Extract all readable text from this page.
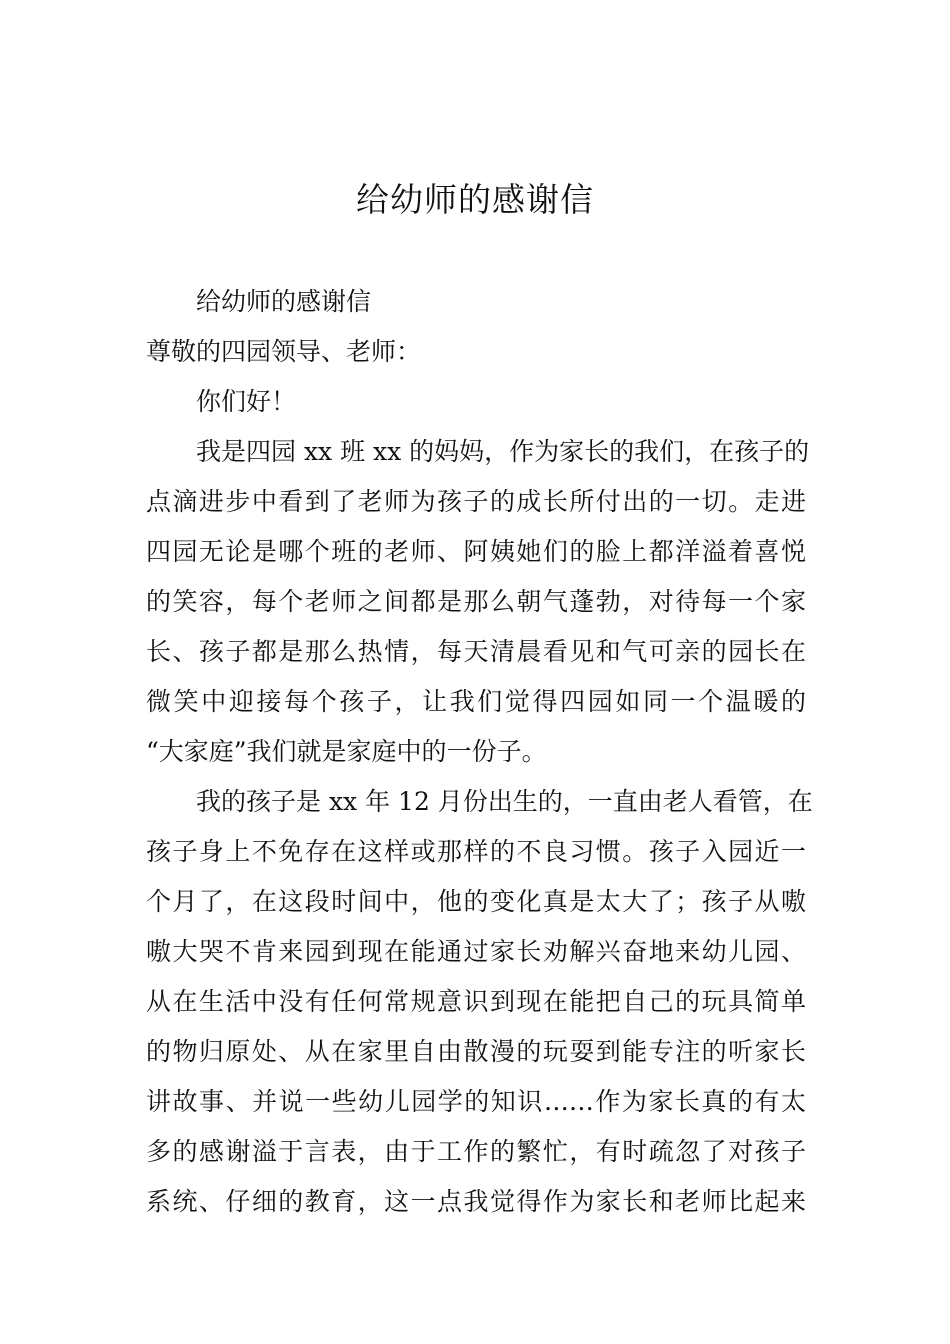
给幼师的感谢信
给幼师的感谢信
尊敬的四园领导、老师：
你们好！
我是四园 xx 班 xx 的妈妈，作为家长的我们，在孩子的
点滴进步中看到了老师为孩子的成长所付出的一切。走进
四园无论是哪个班的老师、阿姨她们的脸上都洋溢着喜悦
的笑容，每个老师之间都是那么朝气蓬勃，对待每一个家
长、孩子都是那么热情，每天清晨看见和气可亲的园长在
微笑中迎接每个孩子，让我们觉得四园如同一个温暖的
“大家庭”我们就是家庭中的一份子。
我的孩子是 xx 年 12 月份出生的，一直由老人看管，在
孩子身上不免存在这样或那样的不良习惯。孩子入园近一
个月了，在这段时间中，他的变化真是太大了；孩子从嗷
嗷大哭不肯来园到现在能通过家长劝解兴奋地来幼儿园、
从在生活中没有任何常规意识到现在能把自己的玩具简单
的物归原处、从在家里自由散漫的玩耍到能专注的听家长
讲故事、并说一些幼儿园学的知识……作为家长真的有太
多的感谢溢于言表，由于工作的繁忙，有时疏忽了对孩子
系统、仔细的教育，这一点我觉得作为家长和老师比起来
